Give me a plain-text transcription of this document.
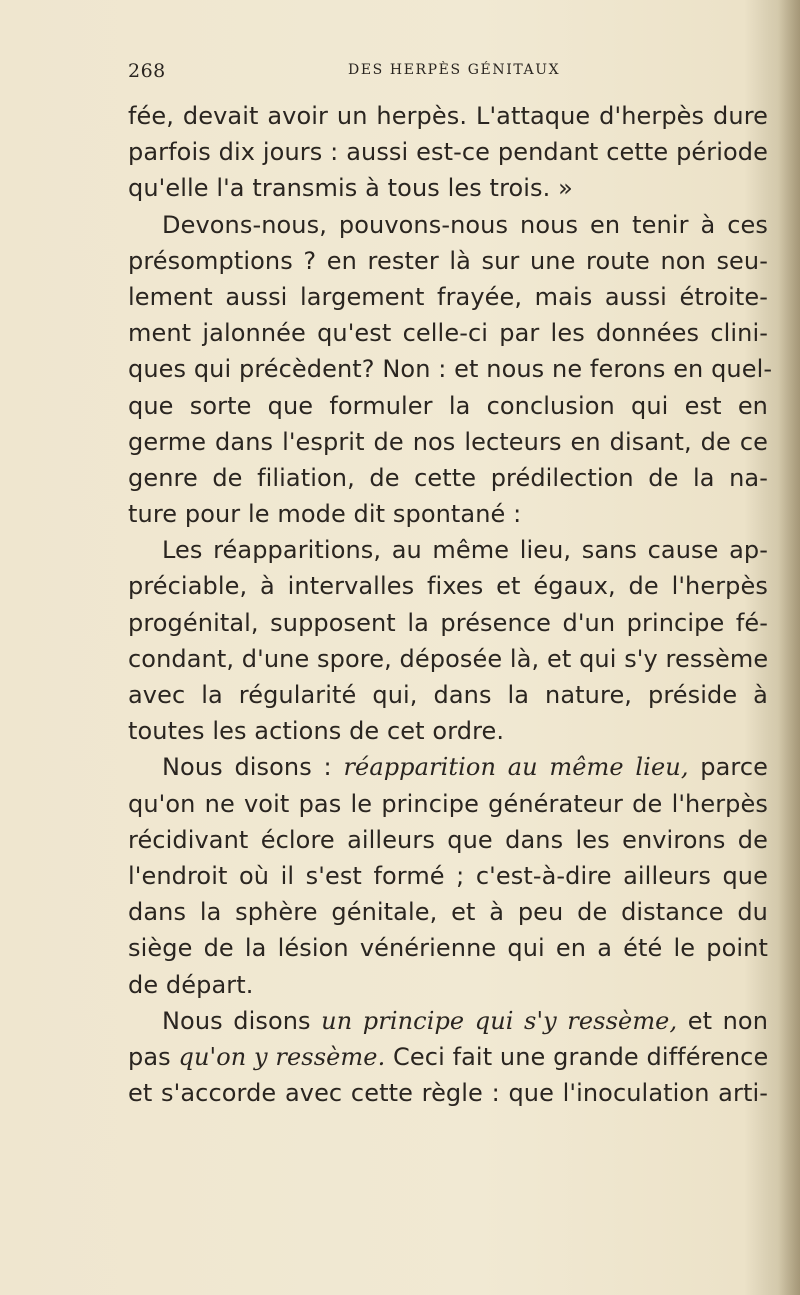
268	DES HERPÈS GÉNITAUX
fée, devait avoir un herpès. L'attaque d'herpès dure
parfois dix jours : aussi est-ce pendant cette période
qu'elle l'a transmis à tous les trois. »
Devons-nous, pouvons-nous nous en tenir à ces
présomptions ? en rester là sur une route non seu-
lement aussi largement frayée, mais aussi étroite-
ment jalonnée qu'est celle-ci par les données clini-
ques qui précèdent? Non : et nous ne ferons en quel-
que sorte que formuler la conclusion qui est en
germe dans l'esprit de nos lecteurs en disant, de ce
genre de filiation, de cette prédilection de la na-
ture pour le mode dit spontané :
Les réapparitions, au même lieu, sans cause ap-
préciable, à intervalles fixes et égaux, de l'herpès
progénital, supposent la présence d'un principe fé-
condant, d'une spore, déposée là, et qui s'y ressème
avec la régularité qui, dans la nature, préside à
toutes les actions de cet ordre.
Nous disons : réapparition au même lieu, parce
qu'on ne voit pas le principe générateur de l'herpès
récidivant éclore ailleurs que dans les environs de
l'endroit où il s'est formé ; c'est-à-dire ailleurs que
dans la sphère génitale, et à peu de distance du
siège de la lésion vénérienne qui en a été le point
de départ.
Nous disons un principe qui s'y ressème, et non
pas qu'on y ressème. Ceci fait une grande différence
et s'accorde avec cette règle : que l'inoculation arti-
